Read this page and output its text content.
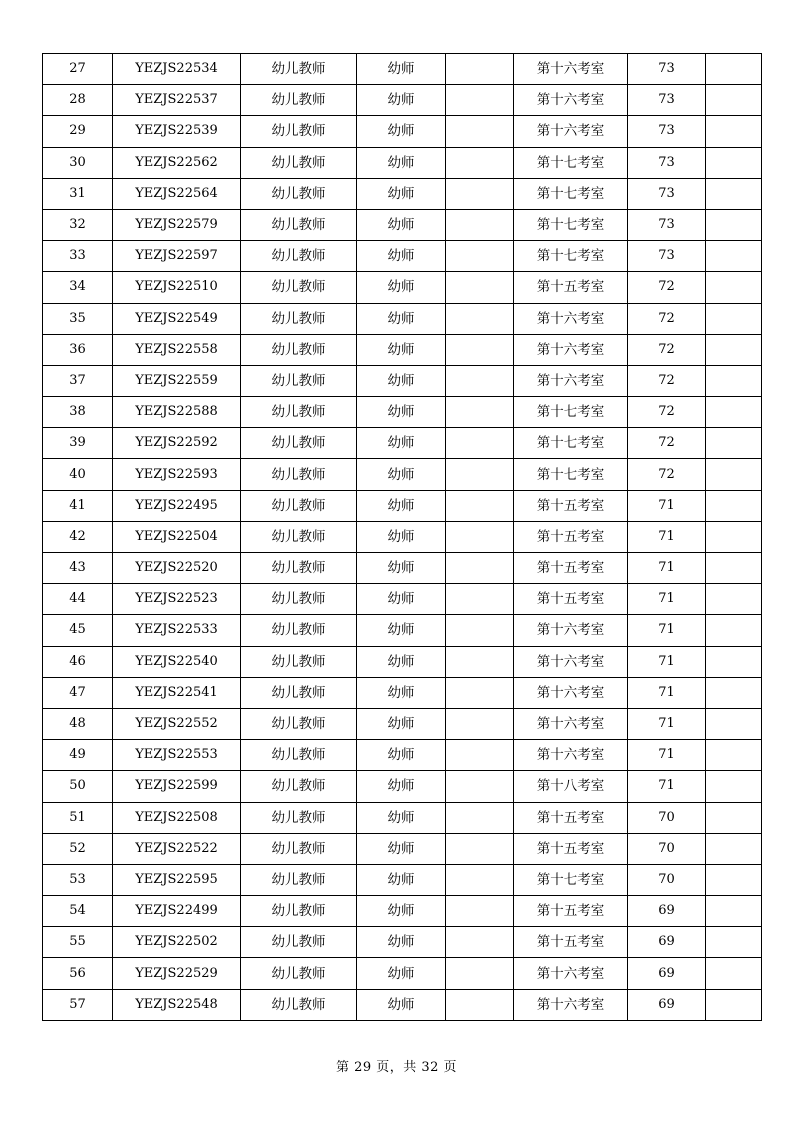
27	YEZJS22534	幼儿教师	幼师		第十六考室	73	
28	YEZJS22537	幼儿教师	幼师		第十六考室	73	
29	YEZJS22539	幼儿教师	幼师		第十六考室	73	
30	YEZJS22562	幼儿教师	幼师		第十七考室	73	
31	YEZJS22564	幼儿教师	幼师		第十七考室	73	
32	YEZJS22579	幼儿教师	幼师		第十七考室	73	
33	YEZJS22597	幼儿教师	幼师		第十七考室	73	
34	YEZJS22510	幼儿教师	幼师		第十五考室	72	
35	YEZJS22549	幼儿教师	幼师		第十六考室	72	
36	YEZJS22558	幼儿教师	幼师		第十六考室	72	
37	YEZJS22559	幼儿教师	幼师		第十六考室	72	
38	YEZJS22588	幼儿教师	幼师		第十七考室	72	
39	YEZJS22592	幼儿教师	幼师		第十七考室	72	
40	YEZJS22593	幼儿教师	幼师		第十七考室	72	
41	YEZJS22495	幼儿教师	幼师		第十五考室	71	
42	YEZJS22504	幼儿教师	幼师		第十五考室	71	
43	YEZJS22520	幼儿教师	幼师		第十五考室	71	
44	YEZJS22523	幼儿教师	幼师		第十五考室	71	
45	YEZJS22533	幼儿教师	幼师		第十六考室	71	
46	YEZJS22540	幼儿教师	幼师		第十六考室	71	
47	YEZJS22541	幼儿教师	幼师		第十六考室	71	
48	YEZJS22552	幼儿教师	幼师		第十六考室	71	
49	YEZJS22553	幼儿教师	幼师		第十六考室	71	
50	YEZJS22599	幼儿教师	幼师		第十八考室	71	
51	YEZJS22508	幼儿教师	幼师		第十五考室	70	
52	YEZJS22522	幼儿教师	幼师		第十五考室	70	
53	YEZJS22595	幼儿教师	幼师		第十七考室	70	
54	YEZJS22499	幼儿教师	幼师		第十五考室	69	
55	YEZJS22502	幼儿教师	幼师		第十五考室	69	
56	YEZJS22529	幼儿教师	幼师		第十六考室	69	
57	YEZJS22548	幼儿教师	幼师		第十六考室	69	
第 29 页，共 32 页
